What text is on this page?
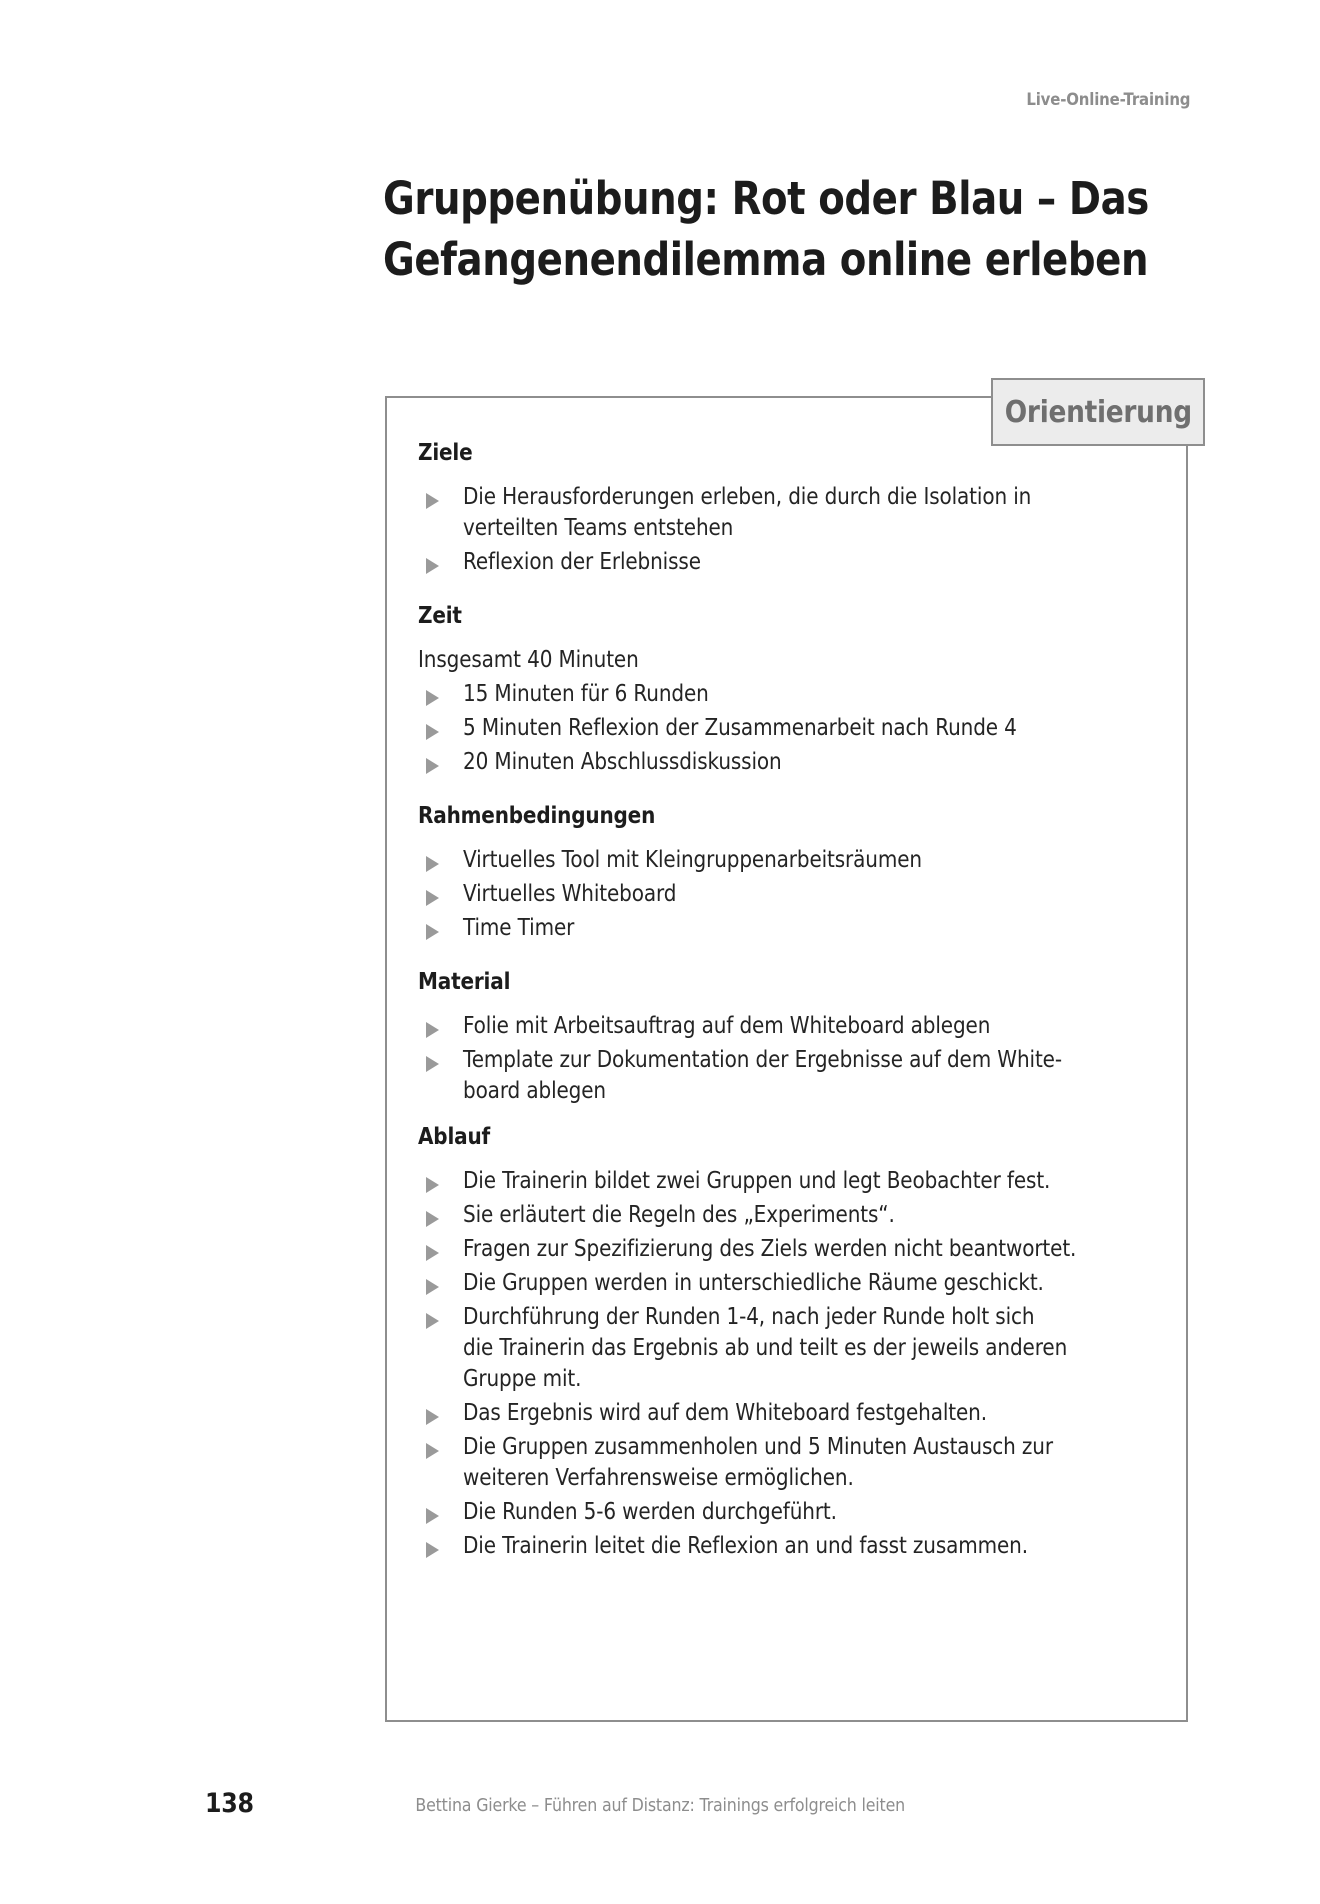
Live-Online-Training
Gruppenübung: Rot oder Blau – Das
Gefangenendilemma online erleben
Orientierung
Ziele
Die Herausforderungen erleben, die durch die Isolation in
verteilten Teams entstehen
Reflexion der Erlebnisse
Zeit
Insgesamt 40 Minuten
15 Minuten für 6 Runden
5 Minuten Reflexion der Zusammenarbeit nach Runde 4
20 Minuten Abschlussdiskussion
Rahmenbedingungen
Virtuelles Tool mit Kleingruppenarbeitsräumen
Virtuelles Whiteboard
Time Timer
Material
Folie mit Arbeitsauftrag auf dem Whiteboard ablegen
Template zur Dokumentation der Ergebnisse auf dem White-
board ablegen
Ablauf
Die Trainerin bildet zwei Gruppen und legt Beobachter fest.
Sie erläutert die Regeln des „Experiments“.
Fragen zur Spezifizierung des Ziels werden nicht beantwortet.
Die Gruppen werden in unterschiedliche Räume geschickt.
Durchführung der Runden 1-4, nach jeder Runde holt sich
die Trainerin das Ergebnis ab und teilt es der jeweils anderen
Gruppe mit.
Das Ergebnis wird auf dem Whiteboard festgehalten.
Die Gruppen zusammenholen und 5 Minuten Austausch zur
weiteren Verfahrensweise ermöglichen.
Die Runden 5-6 werden durchgeführt.
Die Trainerin leitet die Reflexion an und fasst zusammen.
138	Bettina Gierke – Führen auf Distanz: Trainings erfolgreich leiten
